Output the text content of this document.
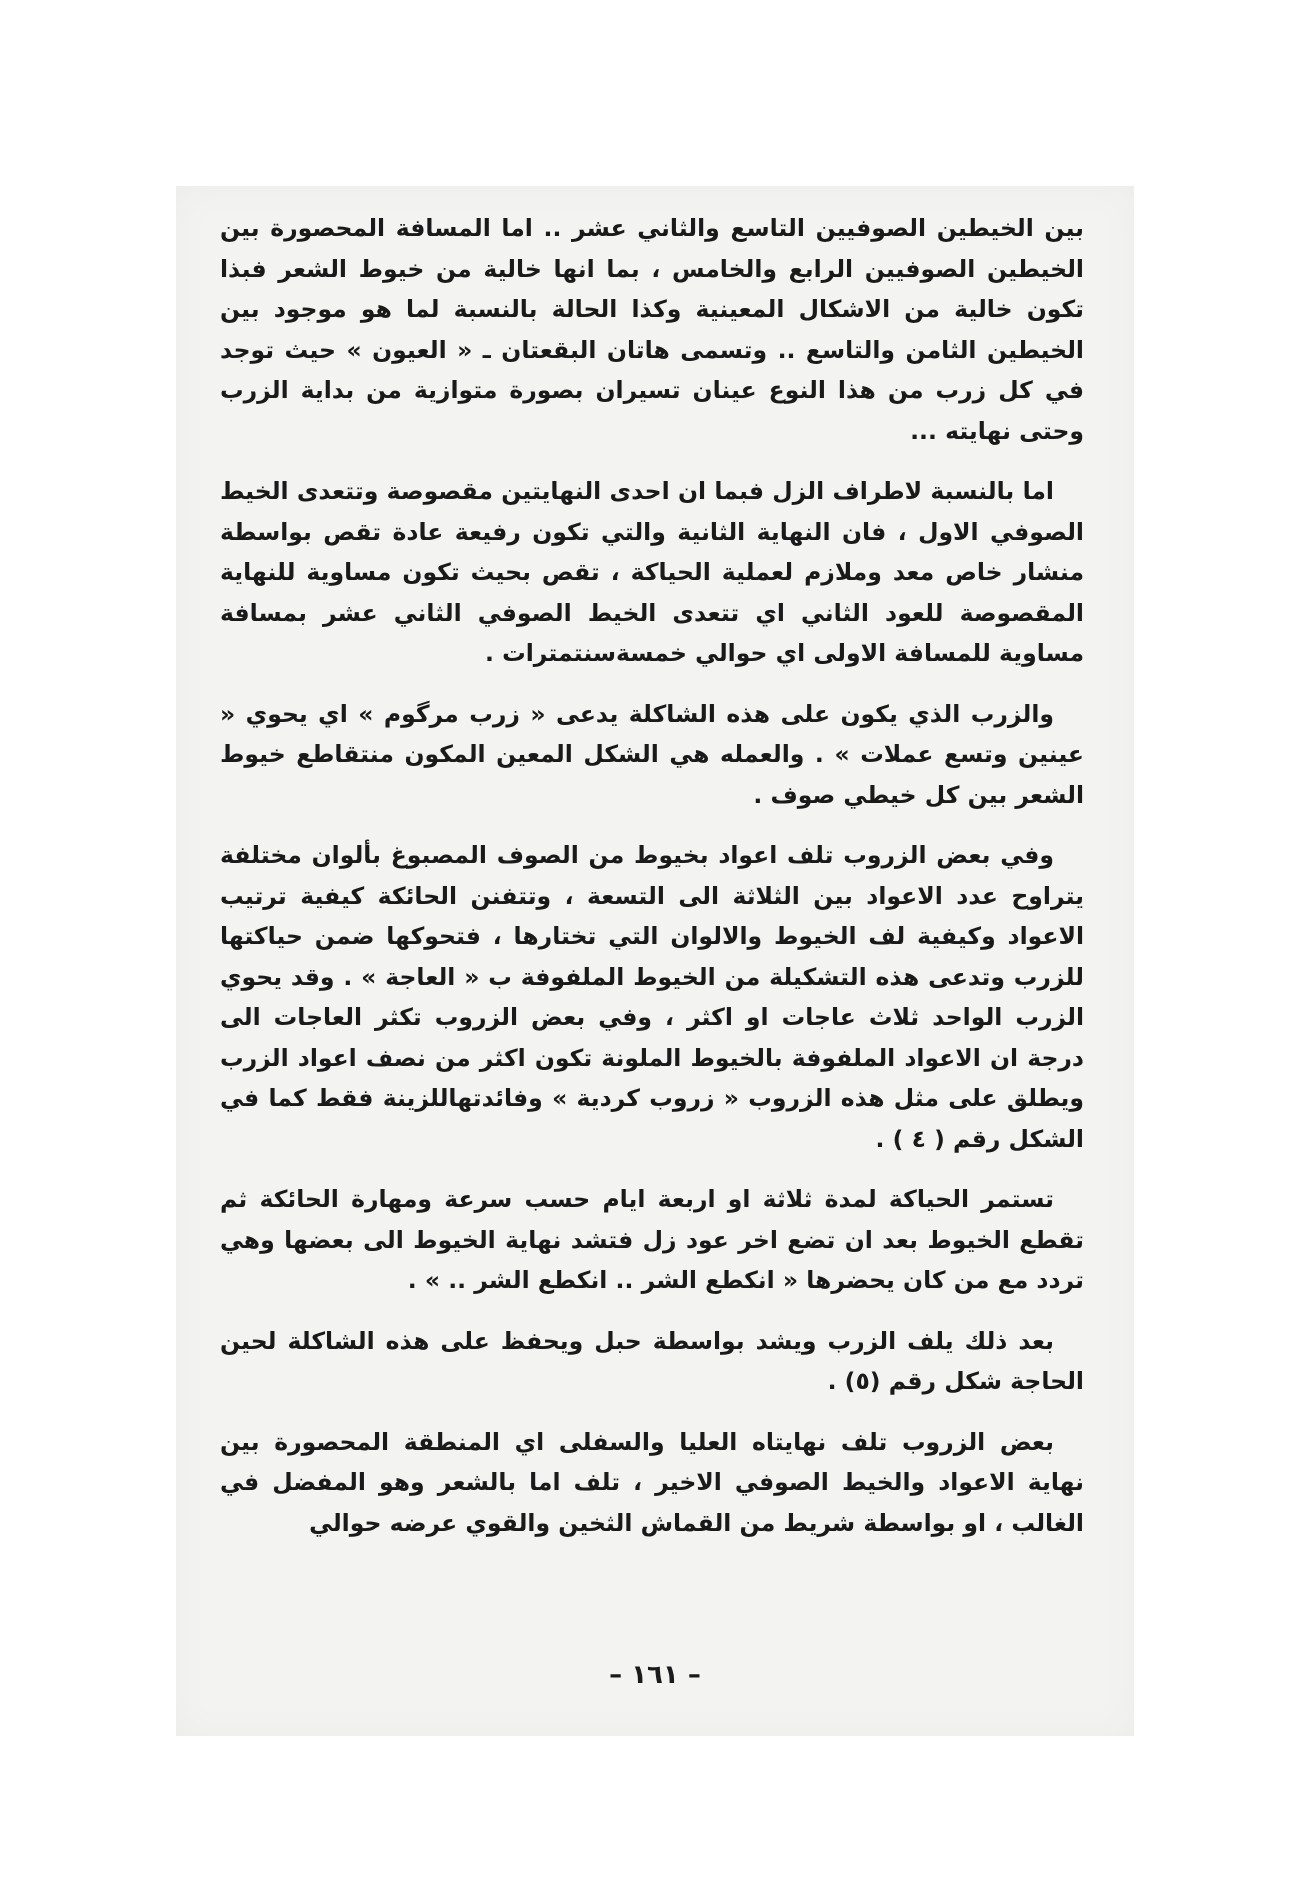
بين الخيطين الصوفيين التاسع والثاني عشر .. اما المسافة المحصورة بين الخيطين الصوفيين الرابع والخامس ، بما انها خالية من خيوط الشعر فبذا تكون خالية من الاشكال المعينية وكذا الحالة بالنسبة لما هو موجود بين الخيطين الثامن والتاسع .. وتسمى هاتان البقعتان ـ « العيون » حيث توجد في كل زرب من هذا النوع عينان تسيران بصورة متوازية من بداية الزرب وحتى نهايته ...

اما بالنسبة لاطراف الزل فبما ان احدى النهايتين مقصوصة وتتعدى الخيط الصوفي الاول ، فان النهاية الثانية والتي تكون رفيعة عادة تقص بواسطة منشار خاص معد وملازم لعملية الحياكة ، تقص بحيث تكون مساوية للنهاية المقصوصة للعود الثاني اي تتعدى الخيط الصوفي الثاني عشر بمسافة مساوية للمسافة الاولى اي حوالي خمسةسنتمترات .

والزرب الذي يكون على هذه الشاكلة يدعى « زرب مرگوم » اي يحوي « عينين وتسع عملات » . والعمله هي الشكل المعين المكون منتقاطع خيوط الشعر بين كل خيطي صوف .

وفي بعض الزروب تلف اعواد بخيوط من الصوف المصبوغ بألوان مختلفة يتراوح عدد الاعواد بين الثلاثة الى التسعة ، وتتفنن الحائكة كيفية ترتيب الاعواد وكيفية لف الخيوط والالوان التي تختارها ، فتحوكها ضمن حياكتها للزرب وتدعى هذه التشكيلة من الخيوط الملفوفة ب « العاجة » . وقد يحوي الزرب الواحد ثلاث عاجات او اكثر ، وفي بعض الزروب تكثر العاجات الى درجة ان الاعواد الملفوفة بالخيوط الملونة تكون اكثر من نصف اعواد الزرب ويطلق على مثل هذه الزروب « زروب كردية » وفائدتهاللزينة فقط كما في الشكل رقم ( ٤ ) .

تستمر الحياكة لمدة ثلاثة او اربعة ايام حسب سرعة ومهارة الحائكة ثم تقطع الخيوط بعد ان تضع اخر عود زل فتشد نهاية الخيوط الى بعضها وهي تردد مع من كان يحضرها « انكطع الشر .. انكطع الشر .. » .

بعد ذلك يلف الزرب ويشد بواسطة حبل ويحفظ على هذه الشاكلة لحين الحاجة شكل رقم (٥) .

بعض الزروب تلف نهايتاه العليا والسفلى اي المنطقة المحصورة بين نهاية الاعواد والخيط الصوفي الاخير ، تلف اما بالشعر وهو المفضل في الغالب ، او بواسطة شريط من القماش الثخين والقوي عرضه حوالي

– ١٦١ –
